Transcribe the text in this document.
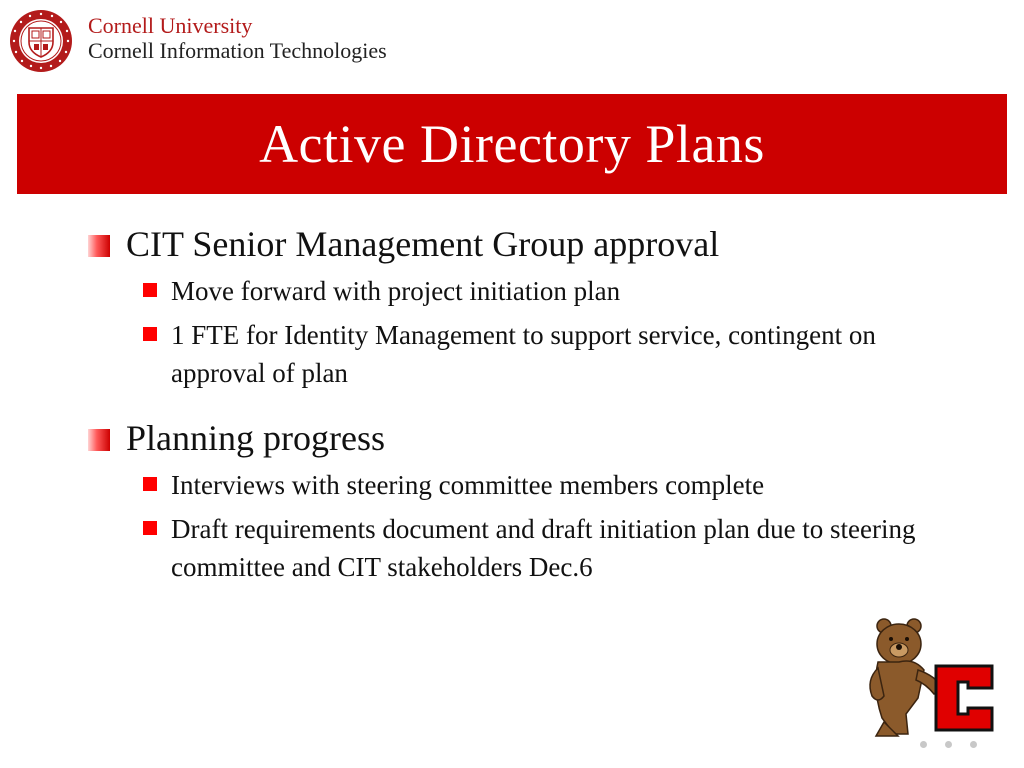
Cornell University
Cornell Information Technologies
Active Directory Plans
CIT Senior Management Group approval
Move forward with project initiation plan
1 FTE for Identity Management to support service, contingent on approval of plan
Planning progress
Interviews with steering committee members complete
Draft requirements document and draft initiation plan due to steering committee and CIT stakeholders Dec.6
